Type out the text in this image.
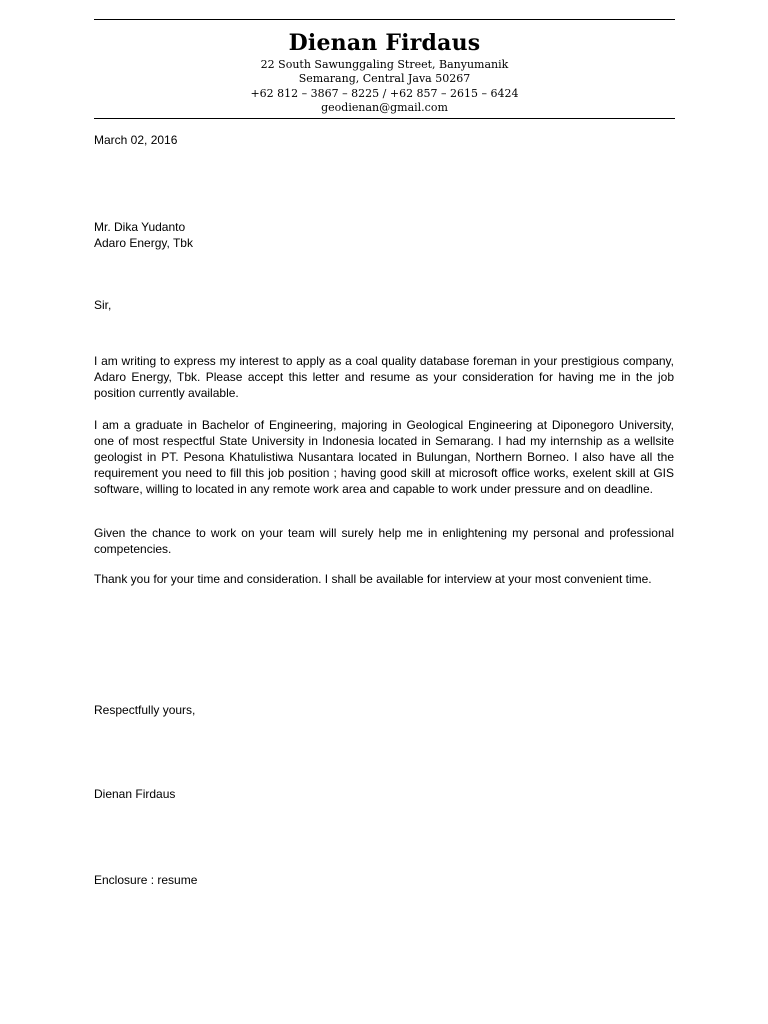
Dienan Firdaus
22 South Sawunggaling Street, Banyumanik
Semarang, Central Java 50267
+62 812 – 3867 – 8225 / +62 857 – 2615 – 6424
geodienan@gmail.com
March 02, 2016
Mr. Dika Yudanto
Adaro Energy, Tbk
Sir,
I am writing to express my interest to apply as a coal quality database foreman in your prestigious company, Adaro Energy, Tbk. Please accept this letter and resume as your consideration for having me in the job position currently available.
I am a graduate in Bachelor of Engineering, majoring in Geological Engineering at Diponegoro University, one of most respectful State University in Indonesia located in Semarang. I had my internship as a wellsite geologist in PT. Pesona Khatulistiwa Nusantara located in Bulungan, Northern Borneo. I also have all the requirement you need to fill this job position ; having good skill at microsoft office works, exelent skill at GIS software, willing to located in any remote work area and capable to work under pressure and on deadline.
Given the chance to work on your team will surely help me in enlightening my personal and professional competencies.
Thank you for your time and consideration. I shall be available for interview at your most convenient time.
Respectfully yours,
Dienan Firdaus
Enclosure : resume
